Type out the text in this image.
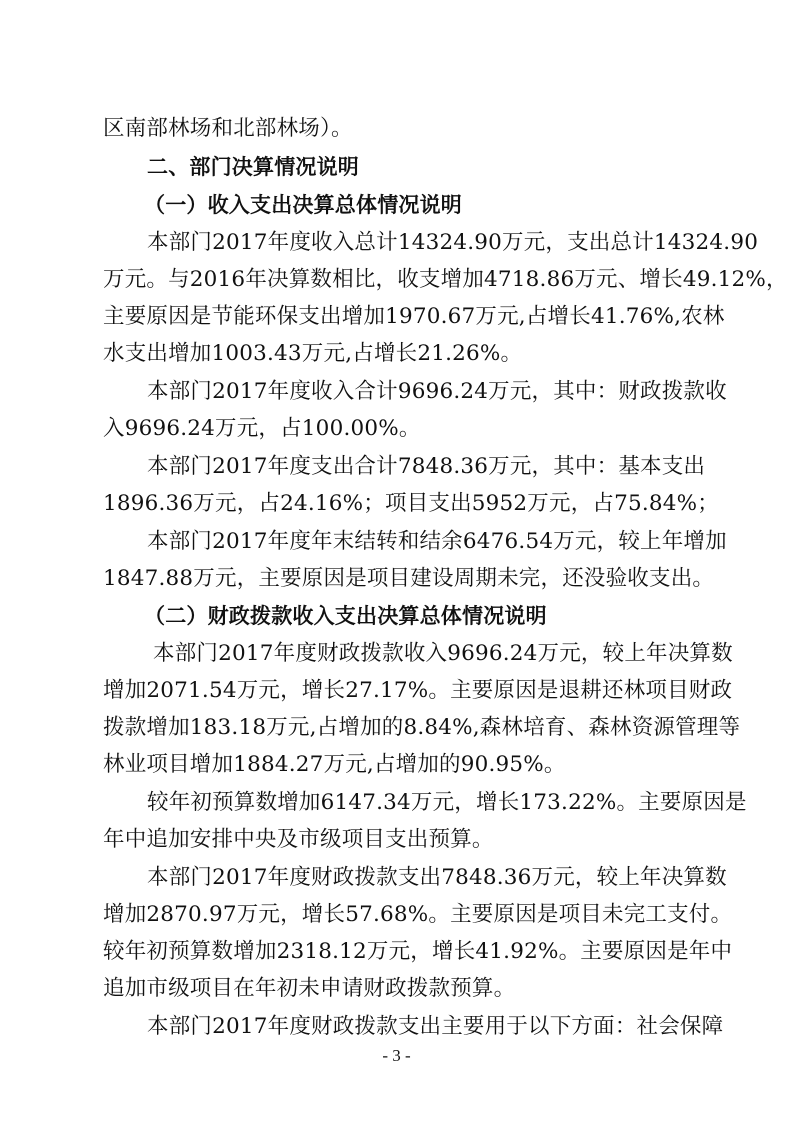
区南部林场和北部林场）。
二、部门决算情况说明
（一）收入支出决算总体情况说明
本部门2017年度收入总计14324.90万元，支出总计14324.90
万元。与2016年决算数相比，收支增加4718.86万元、增长49.12%，
主要原因是节能环保支出增加1970.67万元,占增长41.76%,农林
水支出增加1003.43万元,占增长21.26%。
本部门2017年度收入合计9696.24万元，其中：财政拨款收
入9696.24万元，占100.00%。
本部门2017年度支出合计7848.36万元，其中：基本支出
1896.36万元，占24.16%；项目支出5952万元，占75.84%；
本部门2017年度年末结转和结余6476.54万元，较上年增加
1847.88万元，主要原因是项目建设周期未完，还没验收支出。
（二）财政拨款收入支出决算总体情况说明
本部门2017年度财政拨款收入9696.24万元，较上年决算数
增加2071.54万元，增长27.17%。主要原因是退耕还林项目财政
拨款增加183.18万元,占增加的8.84%,森林培育、森林资源管理等
林业项目增加1884.27万元,占增加的90.95%。
较年初预算数增加6147.34万元，增长173.22%。主要原因是
年中追加安排中央及市级项目支出预算。
本部门2017年度财政拨款支出7848.36万元，较上年决算数
增加2870.97万元，增长57.68%。主要原因是项目未完工支付。
较年初预算数增加2318.12万元，增长41.92%。主要原因是年中
追加市级项目在年初未申请财政拨款预算。
本部门2017年度财政拨款支出主要用于以下方面：社会保障
- 3 -
